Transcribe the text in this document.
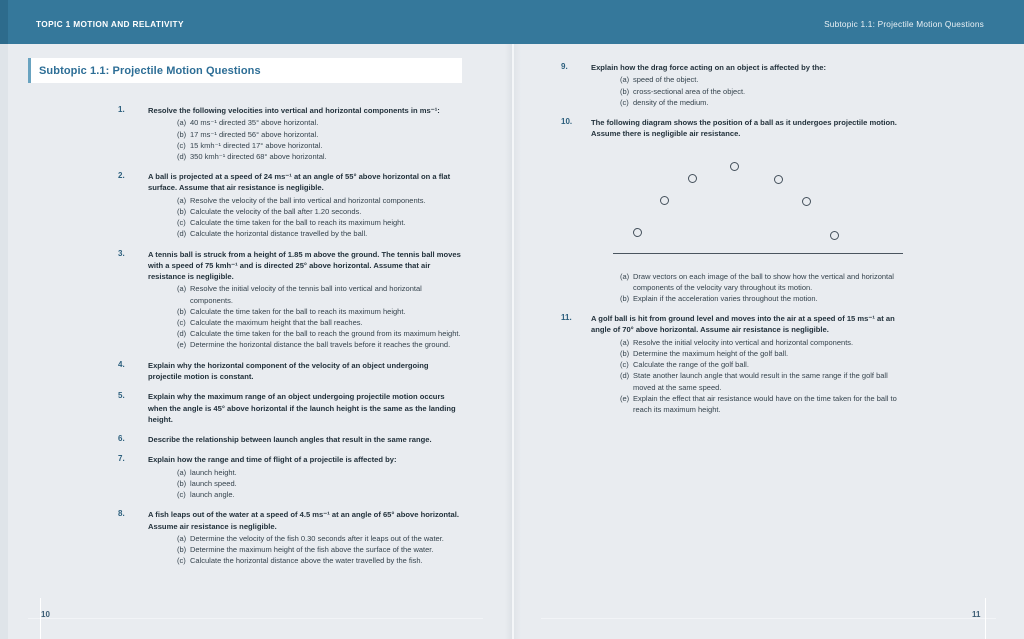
TOPIC 1 MOTION AND RELATIVITY	Subtopic 1.1: Projectile Motion Questions
Subtopic 1.1: Projectile Motion Questions
1.	Resolve the following velocities into vertical and horizontal components in ms⁻¹:
(a) 40 ms⁻¹ directed 35° above horizontal.
(b) 17 ms⁻¹ directed 56° above horizontal.
(c) 15 kmh⁻¹ directed 17° above horizontal.
(d) 350 kmh⁻¹ directed 68° above horizontal.
2.	A ball is projected at a speed of 24 ms⁻¹ at an angle of 55° above horizontal on a flat surface. Assume that air resistance is negligible.
(a) Resolve the velocity of the ball into vertical and horizontal components.
(b) Calculate the velocity of the ball after 1.20 seconds.
(c) Calculate the time taken for the ball to reach its maximum height.
(d) Calculate the horizontal distance travelled by the ball.
3.	A tennis ball is struck from a height of 1.85 m above the ground. The tennis ball moves with a speed of 75 kmh⁻¹ and is directed 25° above horizontal. Assume that air resistance is negligible.
(a) Resolve the initial velocity of the tennis ball into vertical and horizontal components.
(b) Calculate the time taken for the ball to reach its maximum height.
(c) Calculate the maximum height that the ball reaches.
(d) Calculate the time taken for the ball to reach the ground from its maximum height.
(e) Determine the horizontal distance the ball travels before it reaches the ground.
4.	Explain why the horizontal component of the velocity of an object undergoing projectile motion is constant.
5.	Explain why the maximum range of an object undergoing projectile motion occurs when the angle is 45° above horizontal if the launch height is the same as the landing height.
6.	Describe the relationship between launch angles that result in the same range.
7.	Explain how the range and time of flight of a projectile is affected by:
(a) launch height.
(b) launch speed.
(c) launch angle.
8.	A fish leaps out of the water at a speed of 4.5 ms⁻¹ at an angle of 65° above horizontal. Assume air resistance is negligible.
(a) Determine the velocity of the fish 0.30 seconds after it leaps out of the water.
(b) Determine the maximum height of the fish above the surface of the water.
(c) Calculate the horizontal distance above the water travelled by the fish.
9.	Explain how the drag force acting on an object is affected by the:
(a) speed of the object.
(b) cross-sectional area of the object.
(c) density of the medium.
10.	The following diagram shows the position of a ball as it undergoes projectile motion. Assume there is negligible air resistance.
(a) Draw vectors on each image of the ball to show how the vertical and horizontal components of the velocity vary throughout its motion.
(b) Explain if the acceleration varies throughout the motion.
11.	A golf ball is hit from ground level and moves into the air at a speed of 15 ms⁻¹ at an angle of 70° above horizontal. Assume air resistance is negligible.
(a) Resolve the initial velocity into vertical and horizontal components.
(b) Determine the maximum height of the golf ball.
(c) Calculate the range of the golf ball.
(d) State another launch angle that would result in the same range if the golf ball moved at the same speed.
(e) Explain the effect that air resistance would have on the time taken for the ball to reach its maximum height.
10	11
